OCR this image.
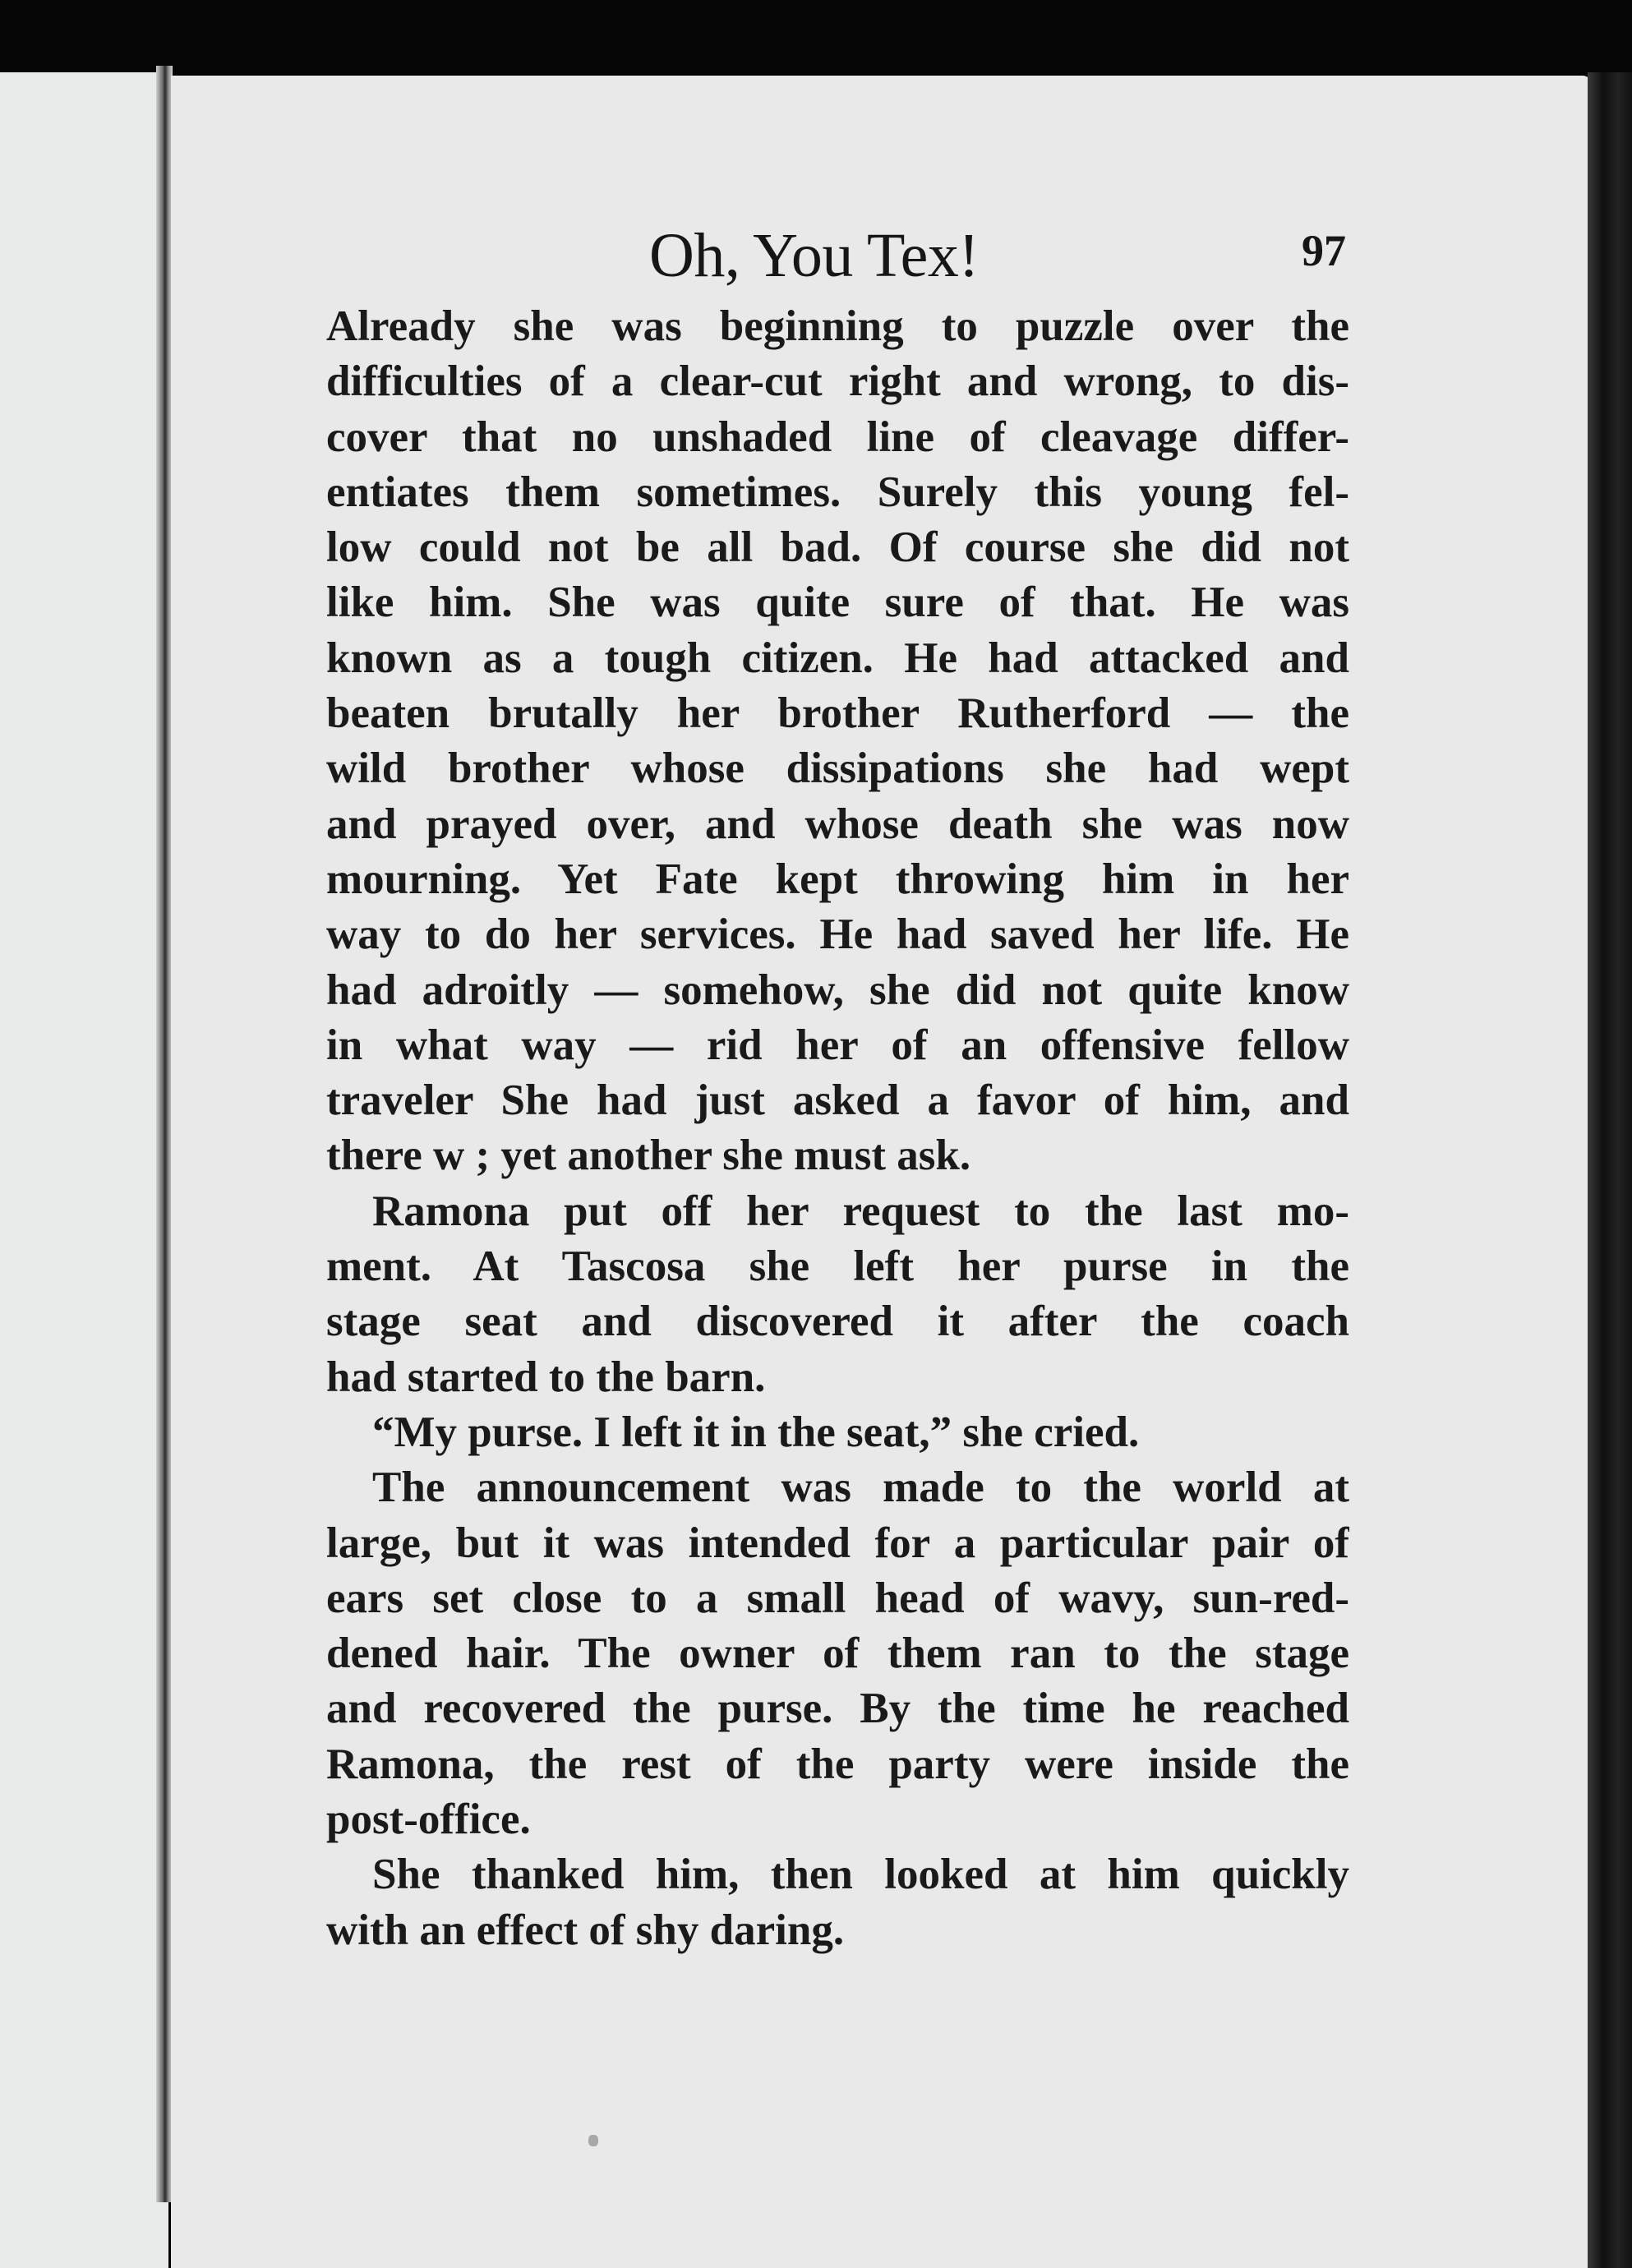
Oh, You Tex!	97

Already she was beginning to puzzle over the
difficulties of a clear-cut right and wrong, to dis-
cover that no unshaded line of cleavage differ-
entiates them sometimes. Surely this young fel-
low could not be all bad. Of course she did not
like him. She was quite sure of that. He was
known as a tough citizen. He had attacked and
beaten brutally her brother Rutherford — the
wild brother whose dissipations she had wept
and prayed over, and whose death she was now
mourning. Yet Fate kept throwing him in her
way to do her services. He had saved her life. He
had adroitly — somehow, she did not quite know
in what way — rid her of an offensive fellow
traveler She had just asked a favor of him, and
there w ; yet another she must ask.

Ramona put off her request to the last mo-
ment. At Tascosa she left her purse in the
stage seat and discovered it after the coach
had started to the barn.

“My purse. I left it in the seat,” she cried.

The announcement was made to the world at
large, but it was intended for a particular pair of
ears set close to a small head of wavy, sun-red-
dened hair. The owner of them ran to the stage
and recovered the purse. By the time he reached
Ramona, the rest of the party were inside the
post-office.

She thanked him, then looked at him quickly
with an effect of shy daring.
